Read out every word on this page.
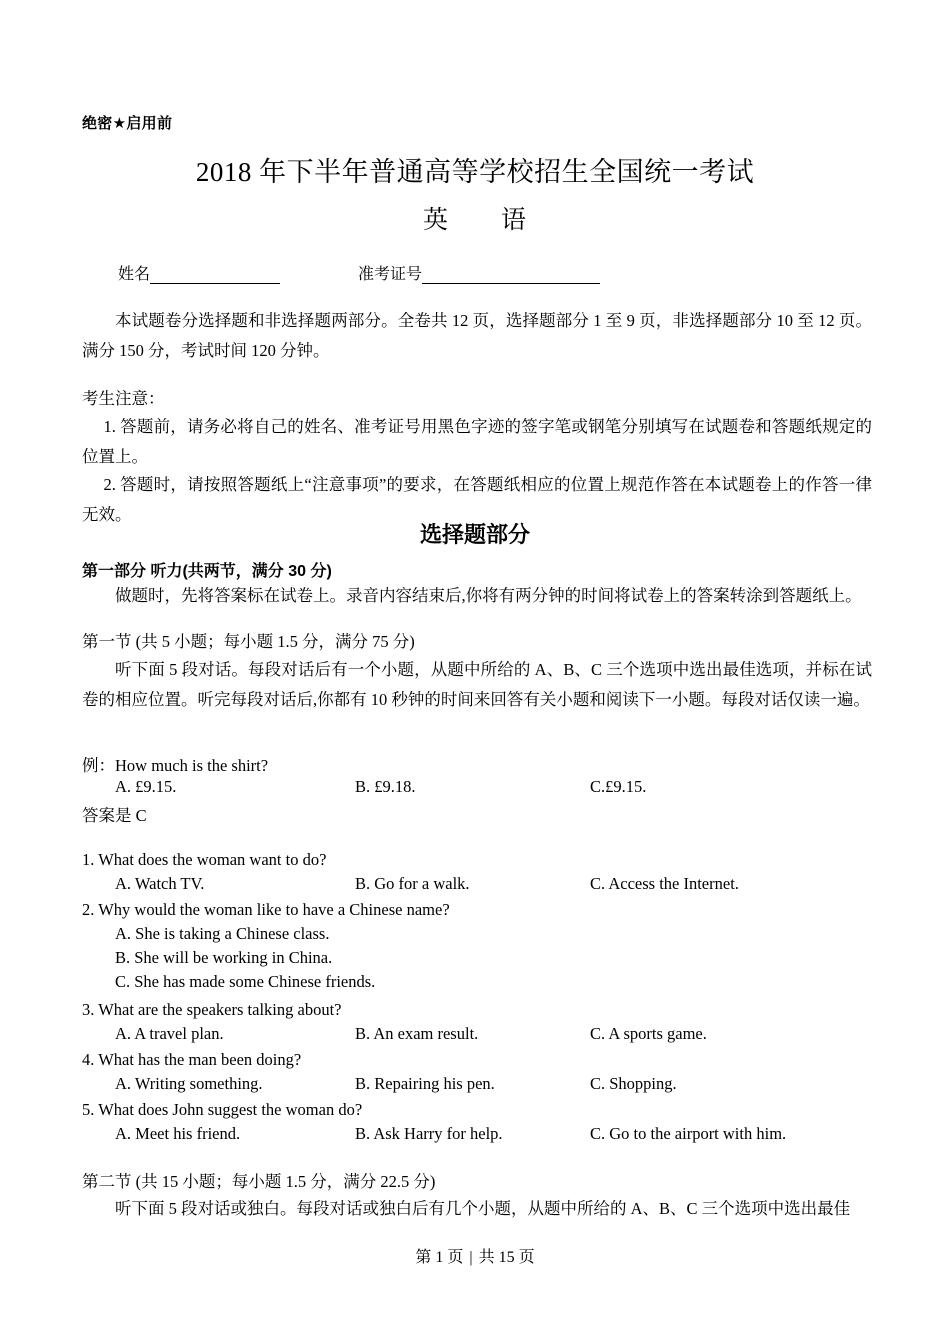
绝密★启用前
2018 年下半年普通高等学校招生全国统一考试
英　　语
姓名	准考证号
本试题卷分选择题和非选择题两部分。全卷共 12 页，选择题部分 1 至 9 页，非选择题部分 10 至 12 页。满分 150 分，考试时间 120 分钟。
考生注意：
1. 答题前，请务必将自己的姓名、准考证号用黑色字迹的签字笔或钢笔分别填写在试题卷和答题纸规定的位置上。
2. 答题时，请按照答题纸上“注意事项”的要求，在答题纸相应的位置上规范作答在本试题卷上的作答一律无效。
选择题部分
第一部分 听力(共两节，满分 30 分)
做题时，先将答案标在试卷上。录音内容结束后,你将有两分钟的时间将试卷上的答案转涂到答题纸上。
第一节 (共 5 小题；每小题 1.5 分，满分 75 分)
听下面 5 段对话。每段对话后有一个小题，从题中所给的 A、B、C 三个选项中选出最佳选项，并标在试卷的相应位置。听完每段对话后,你都有 10 秒钟的时间来回答有关小题和阅读下一小题。每段对话仅读一遍。
例：How much is the shirt?
A. £9.15.	B. £9.18.	C.£9.15.
答案是 C
1. What does the woman want to do?
A. Watch TV.	B. Go for a walk.	C. Access the Internet.
2. Why would the woman like to have a Chinese name?
A. She is taking a Chinese class.
B. She will be working in China.
C. She has made some Chinese friends.
3. What are the speakers talking about?
A. A travel plan.	B. An exam result.	C. A sports game.
4. What has the man been doing?
A. Writing something.	B. Repairing his pen.	C. Shopping.
5. What does John suggest the woman do?
A. Meet his friend.	B. Ask Harry for help.	C. Go to the airport with him.
第二节 (共 15 小题；每小题 1.5 分，满分 22.5 分)
听下面 5 段对话或独白。每段对话或独白后有几个小题，从题中所给的 A、B、C 三个选项中选出最佳
第 1 页 | 共 15 页
